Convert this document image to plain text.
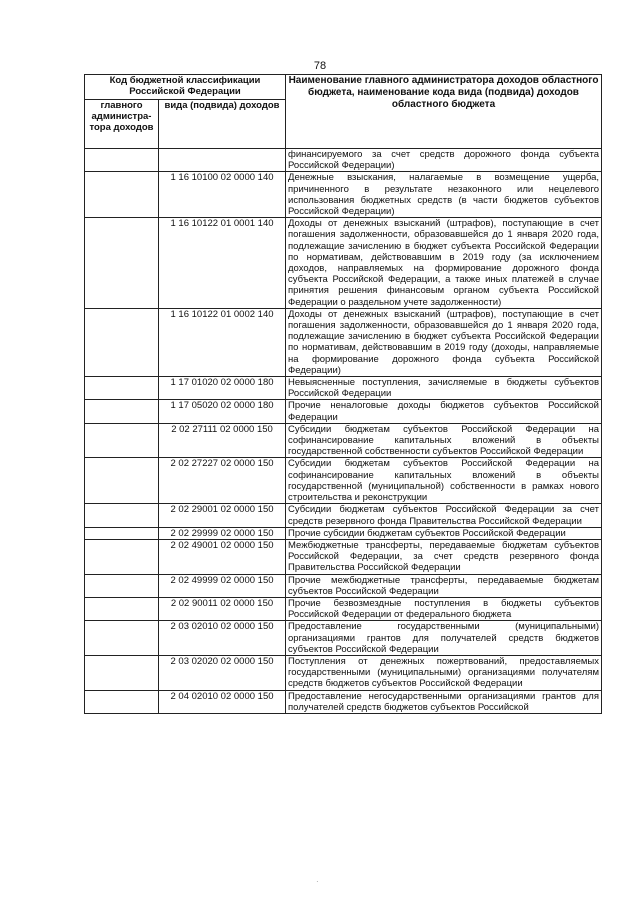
78
Код бюджетной классификации Российской Федерации		Наименование главного администратора доходов областного бюджета, наименование кода вида (подвида) доходов областного бюджета
главного администра-тора доходов	вида (подвида) доходов	
		финансируемого за счет средств дорожного фонда субъекта Российской Федерации)
	1 16 10100 02 0000 140	Денежные взыскания, налагаемые в возмещение ущерба, причиненного в результате незаконного или нецелевого использования бюджетных средств (в части бюджетов субъектов Российской Федерации)
	1 16 10122 01 0001 140	Доходы от денежных взысканий (штрафов), поступающие в счет погашения задолженности, образовавшейся до 1 января 2020 года, подлежащие зачислению в бюджет субъекта Российской Федерации по нормативам, действовавшим в 2019 году (за исключением доходов, направляемых на формирование дорожного фонда субъекта Российской Федерации, а также иных платежей в случае принятия решения финансовым органом субъекта Российской Федерации о раздельном учете задолженности)
	1 16 10122 01 0002 140	Доходы от денежных взысканий (штрафов), поступающие в счет погашения задолженности, образовавшейся до 1 января 2020 года, подлежащие зачислению в бюджет субъекта Российской Федерации по нормативам, действовавшим в 2019 году (доходы, направляемые на формирование дорожного фонда субъекта Российской Федерации)
	1 17 01020 02 0000 180	Невыясненные поступления, зачисляемые в бюджеты субъектов Российской Федерации
	1 17 05020 02 0000 180	Прочие неналоговые доходы бюджетов субъектов Российской Федерации
	2 02 27111 02 0000 150	Субсидии бюджетам субъектов Российской Федерации на софинансирование капитальных вложений в объекты государственной собственности субъектов Российской Федерации
	2 02 27227 02 0000 150	Субсидии бюджетам субъектов Российской Федерации на софинансирование капитальных вложений в объекты государственной (муниципальной) собственности в рамках нового строительства и реконструкции
	2 02 29001 02 0000 150	Субсидии бюджетам субъектов Российской Федерации за счет средств резервного фонда Правительства Российской Федерации
	2 02 29999 02 0000 150	Прочие субсидии бюджетам субъектов Российской Федерации
	2 02 49001 02 0000 150	Межбюджетные трансферты, передаваемые бюджетам субъектов Российской Федерации, за счет средств резервного фонда Правительства Российской Федерации
	2 02 49999 02 0000 150	Прочие межбюджетные трансферты, передаваемые бюджетам субъектов Российской Федерации
	2 02 90011 02 0000 150	Прочие безвозмездные поступления в бюджеты субъектов Российской Федерации от федерального бюджета
	2 03 02010 02 0000 150	Предоставление государственными (муниципальными) организациями грантов для получателей средств бюджетов субъектов Российской Федерации
	2 03 02020 02 0000 150	Поступления от денежных пожертвований, предоставляемых государственными (муниципальными) организациями получателям средств бюджетов субъектов Российской Федерации
	2 04 02010 02 0000 150	Предоставление негосударственными организациями грантов для получателей средств бюджетов субъектов Российской
·
